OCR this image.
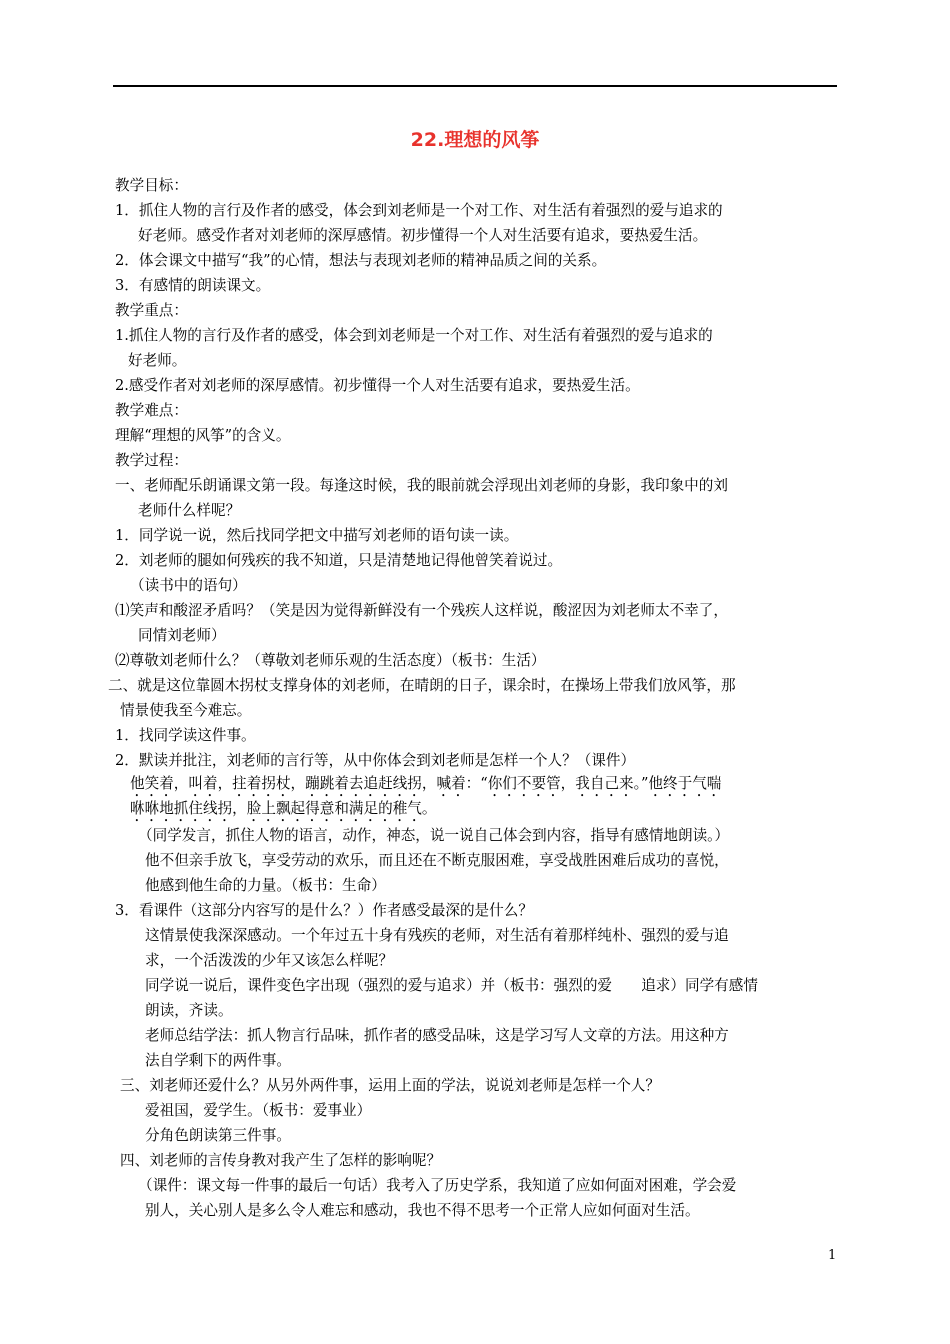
22.理想的风筝
教学目标：
1．抓住人物的言行及作者的感受，体会到刘老师是一个对工作、对生活有着强烈的爱与追求的
好老师。感受作者对刘老师的深厚感情。初步懂得一个人对生活要有追求，要热爱生活。
2．体会课文中描写“我”的心情，想法与表现刘老师的精神品质之间的关系。
3．有感情的朗读课文。
教学重点：
1.抓住人物的言行及作者的感受，体会到刘老师是一个对工作、对生活有着强烈的爱与追求的
好老师。
2.感受作者对刘老师的深厚感情。初步懂得一个人对生活要有追求，要热爱生活。
教学难点：
理解“理想的风筝”的含义。
教学过程：
一、老师配乐朗诵课文第一段。每逢这时候，我的眼前就会浮现出刘老师的身影，我印象中的刘
老师什么样呢？
1．同学说一说，然后找同学把文中描写刘老师的语句读一读。
2．刘老师的腿如何残疾的我不知道，只是清楚地记得他曾笑着说过。
（读书中的语句）
⑴笑声和酸涩矛盾吗？（笑是因为觉得新鲜没有一个残疾人这样说，酸涩因为刘老师太不幸了，
同情刘老师）
⑵尊敬刘老师什么？（尊敬刘老师乐观的生活态度）（板书：生活）
二、就是这位靠圆木拐杖支撑身体的刘老师，在晴朗的日子，课余时，在操场上带我们放风筝，那
情景使我至今难忘。
1．找同学读这件事。
2．默读并批注，刘老师的言行等，从中你体会到刘老师是怎样一个人？（课件）
他笑着，叫着，拄着拐杖，蹦跳着去追赶线拐，喊着：“你们不要管，我自己来。”他终于气喘
咻咻地抓住线拐，脸上飘起得意和满足的稚气。
（同学发言，抓住人物的语言，动作，神态，说一说自己体会到内容，指导有感情地朗读。）
他不但亲手放飞，享受劳动的欢乐，而且还在不断克服困难，享受战胜困难后成功的喜悦，
他感到他生命的力量。（板书：生命）
3．看课件（这部分内容写的是什么？）作者感受最深的是什么？
这情景使我深深感动。一个年过五十身有残疾的老师，对生活有着那样纯朴、强烈的爱与追
求，一个活泼泼的少年又该怎么样呢？
同学说一说后，课件变色字出现（强烈的爱与追求）并（板书：强烈的爱　　追求）同学有感情
朗读，齐读。
老师总结学法：抓人物言行品味，抓作者的感受品味，这是学习写人文章的方法。用这种方
法自学剩下的两件事。
三、刘老师还爱什么？从另外两件事，运用上面的学法，说说刘老师是怎样一个人？
爱祖国，爱学生。（板书：爱事业）
分角色朗读第三件事。
四、刘老师的言传身教对我产生了怎样的影响呢？
（课件：课文每一件事的最后一句话）我考入了历史学系，我知道了应如何面对困难，学会爱
别人，关心别人是多么令人难忘和感动，我也不得不思考一个正常人应如何面对生活。
1
